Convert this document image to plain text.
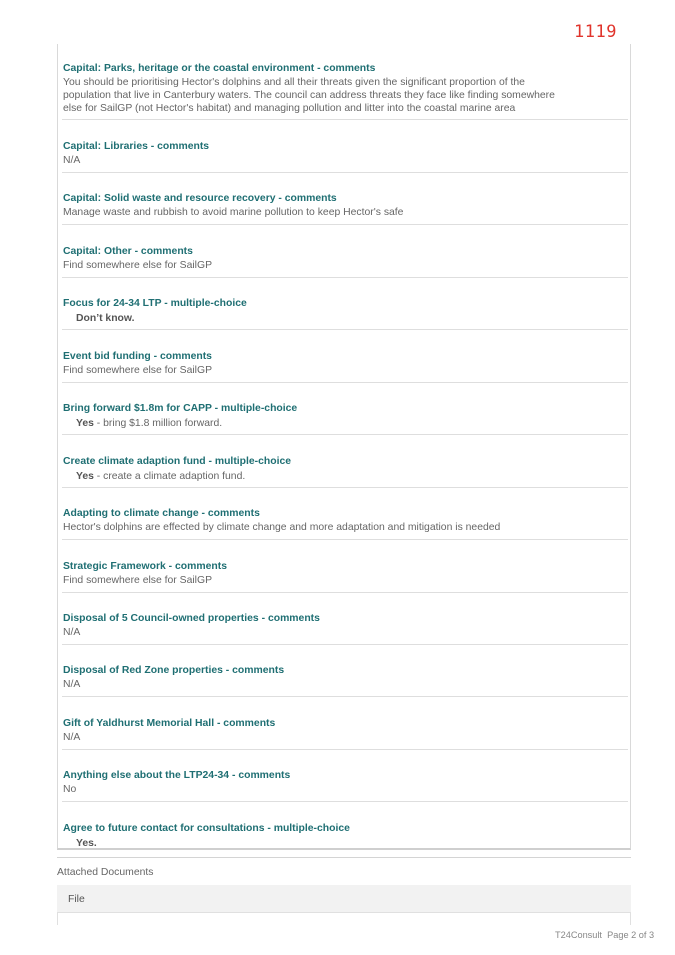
1119
Capital: Parks, heritage or the coastal environment - comments
You should be prioritising Hector's dolphins and all their threats given the significant proportion of the population that live in Canterbury waters. The council can address threats they face like finding somewhere else for SailGP (not Hector's habitat) and managing pollution and litter into the coastal marine area
Capital: Libraries - comments
N/A
Capital: Solid waste and resource recovery - comments
Manage waste and rubbish to avoid marine pollution to keep Hector's safe
Capital: Other - comments
Find somewhere else for SailGP
Focus for 24-34 LTP - multiple-choice
Don’t know.
Event bid funding - comments
Find somewhere else for SailGP
Bring forward $1.8m for CAPP - multiple-choice
Yes - bring $1.8 million forward.
Create climate adaption fund - multiple-choice
Yes - create a climate adaption fund.
Adapting to climate change - comments
Hector's dolphins are effected by climate change and more adaptation and mitigation is needed
Strategic Framework - comments
Find somewhere else for SailGP
Disposal of 5 Council-owned properties - comments
N/A
Disposal of Red Zone properties - comments
N/A
Gift of Yaldhurst Memorial Hall - comments
N/A
Anything else about the LTP24-34 - comments
No
Agree to future contact for consultations - multiple-choice
Yes.
Attached Documents
File
T24Consult Page 2 of 3
